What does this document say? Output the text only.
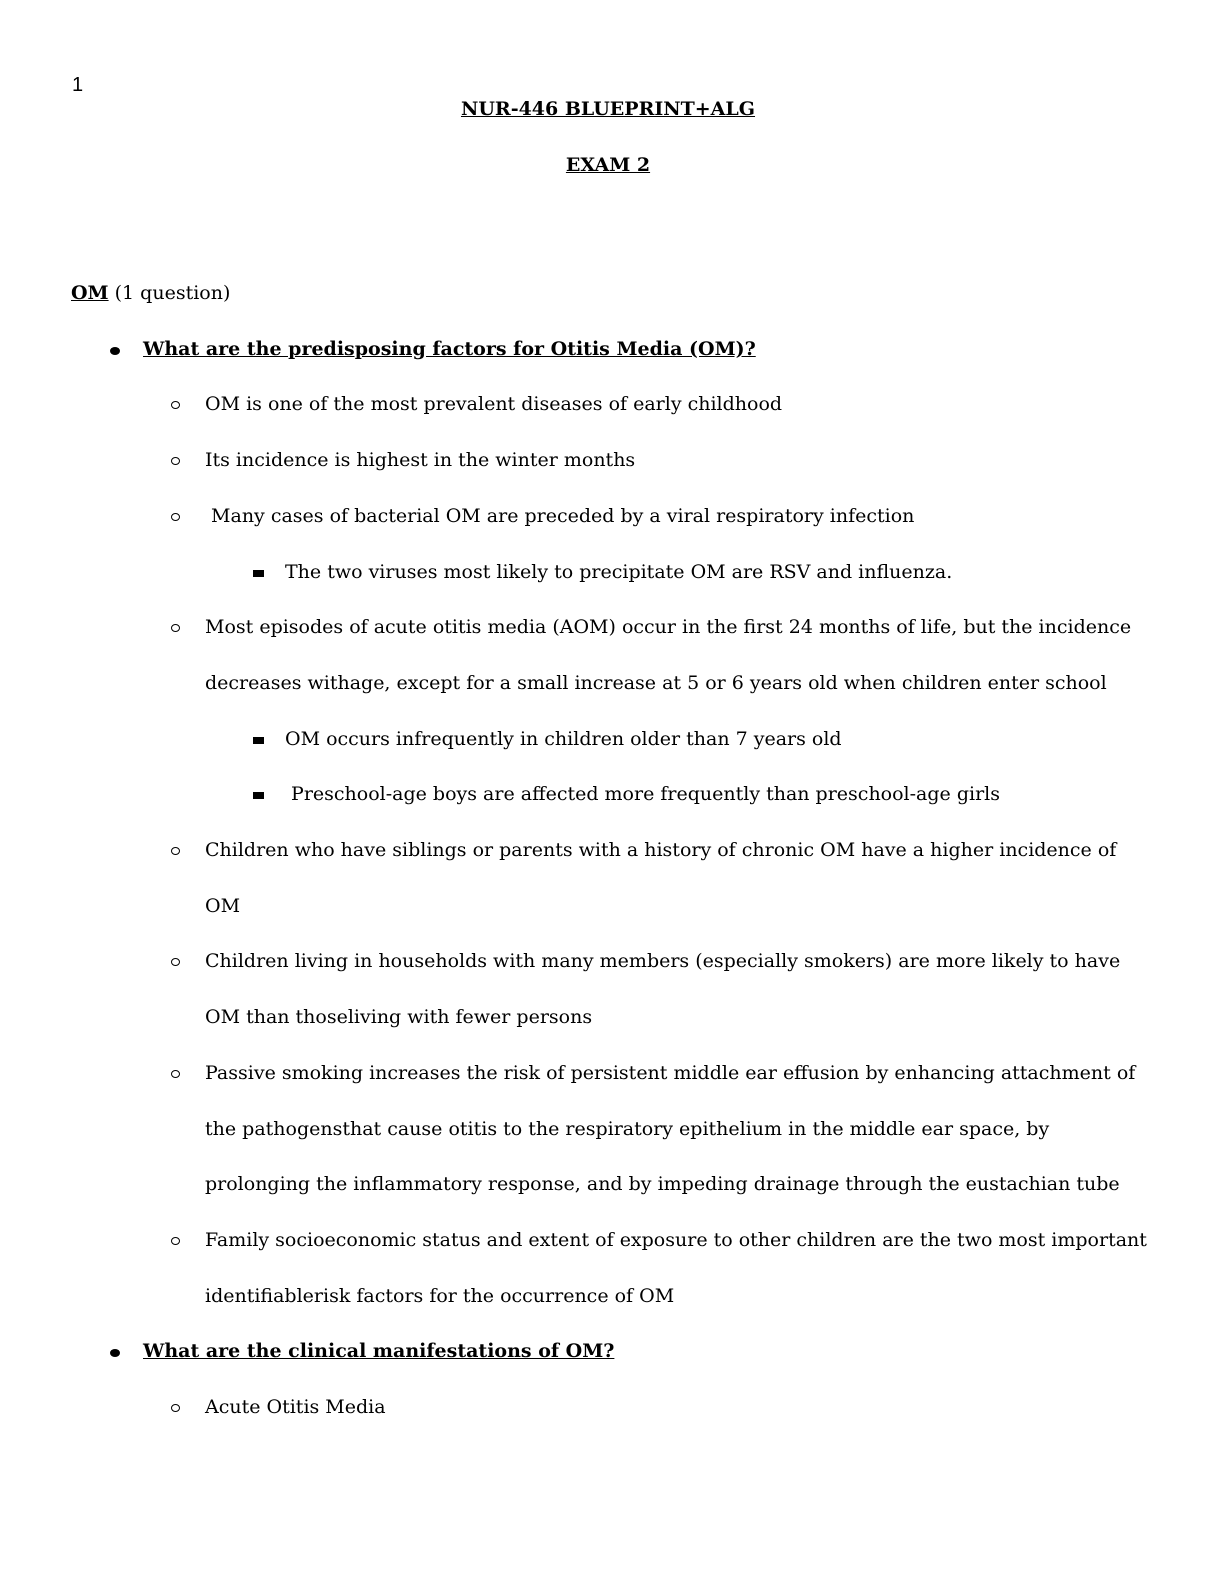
1
NUR-446 BLUEPRINT+ALG
EXAM 2
OM (1 question)
What are the predisposing factors for Otitis Media (OM)?
OM is one of the most prevalent diseases of early childhood
Its incidence is highest in the winter months
Many cases of bacterial OM are preceded by a viral respiratory infection
The two viruses most likely to precipitate OM are RSV and influenza.
Most episodes of acute otitis media (AOM) occur in the first 24 months of life, but the incidence decreases withage, except for a small increase at 5 or 6 years old when children enter school
OM occurs infrequently in children older than 7 years old
Preschool-age boys are affected more frequently than preschool-age girls
Children who have siblings or parents with a history of chronic OM have a higher incidence of OM
Children living in households with many members (especially smokers) are more likely to have OM than thoseliving with fewer persons
Passive smoking increases the risk of persistent middle ear effusion by enhancing attachment of the pathogensthat cause otitis to the respiratory epithelium in the middle ear space, by prolonging the inflammatory response, and by impeding drainage through the eustachian tube
Family socioeconomic status and extent of exposure to other children are the two most important identifiablerisk factors for the occurrence of OM
What are the clinical manifestations of OM?
Acute Otitis Media
